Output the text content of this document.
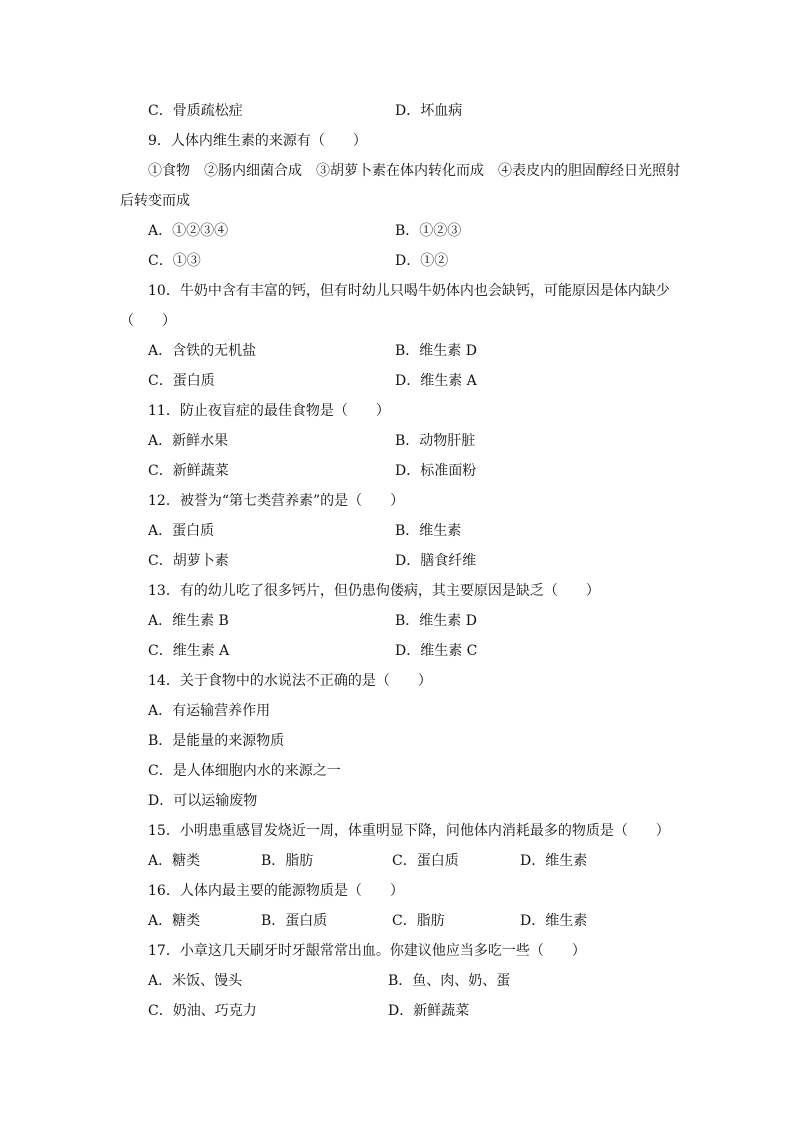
C．骨质疏松症	D．坏血病

9．人体内维生素的来源有（　　）

①食物　②肠内细菌合成　③胡萝卜素在体内转化而成　④表皮内的胆固醇经日光照射

后转变而成

A．①②③④	B．①②③

C．①③	D．①②

10．牛奶中含有丰富的钙，但有时幼儿只喝牛奶体内也会缺钙，可能原因是体内缺少

（　　）

A．含铁的无机盐	B．维生素 D

C．蛋白质	D．维生素 A

11．防止夜盲症的最佳食物是（　　）

A．新鲜水果	B．动物肝脏

C．新鲜蔬菜	D．标准面粉

12．被誉为“第七类营养素”的是（　　）

A．蛋白质	B．维生素

C．胡萝卜素	D．膳食纤维

13．有的幼儿吃了很多钙片，但仍患佝偻病，其主要原因是缺乏（　　）

A．维生素 B	B．维生素 D

C．维生素 A	D．维生素 C

14．关于食物中的水说法不正确的是（　　）

A．有运输营养作用

B．是能量的来源物质

C．是人体细胞内水的来源之一

D．可以运输废物

15．小明患重感冒发烧近一周，体重明显下降，问他体内消耗最多的物质是（　　）

A．糖类	B．脂肪	C．蛋白质	D．维生素

16．人体内最主要的能源物质是（　　）

A．糖类	B．蛋白质	C．脂肪	D．维生素

17．小章这几天刷牙时牙龈常常出血。你建议他应当多吃一些（　　）

A．米饭、馒头	B．鱼、肉、奶、蛋

C．奶油、巧克力	D．新鲜蔬菜
